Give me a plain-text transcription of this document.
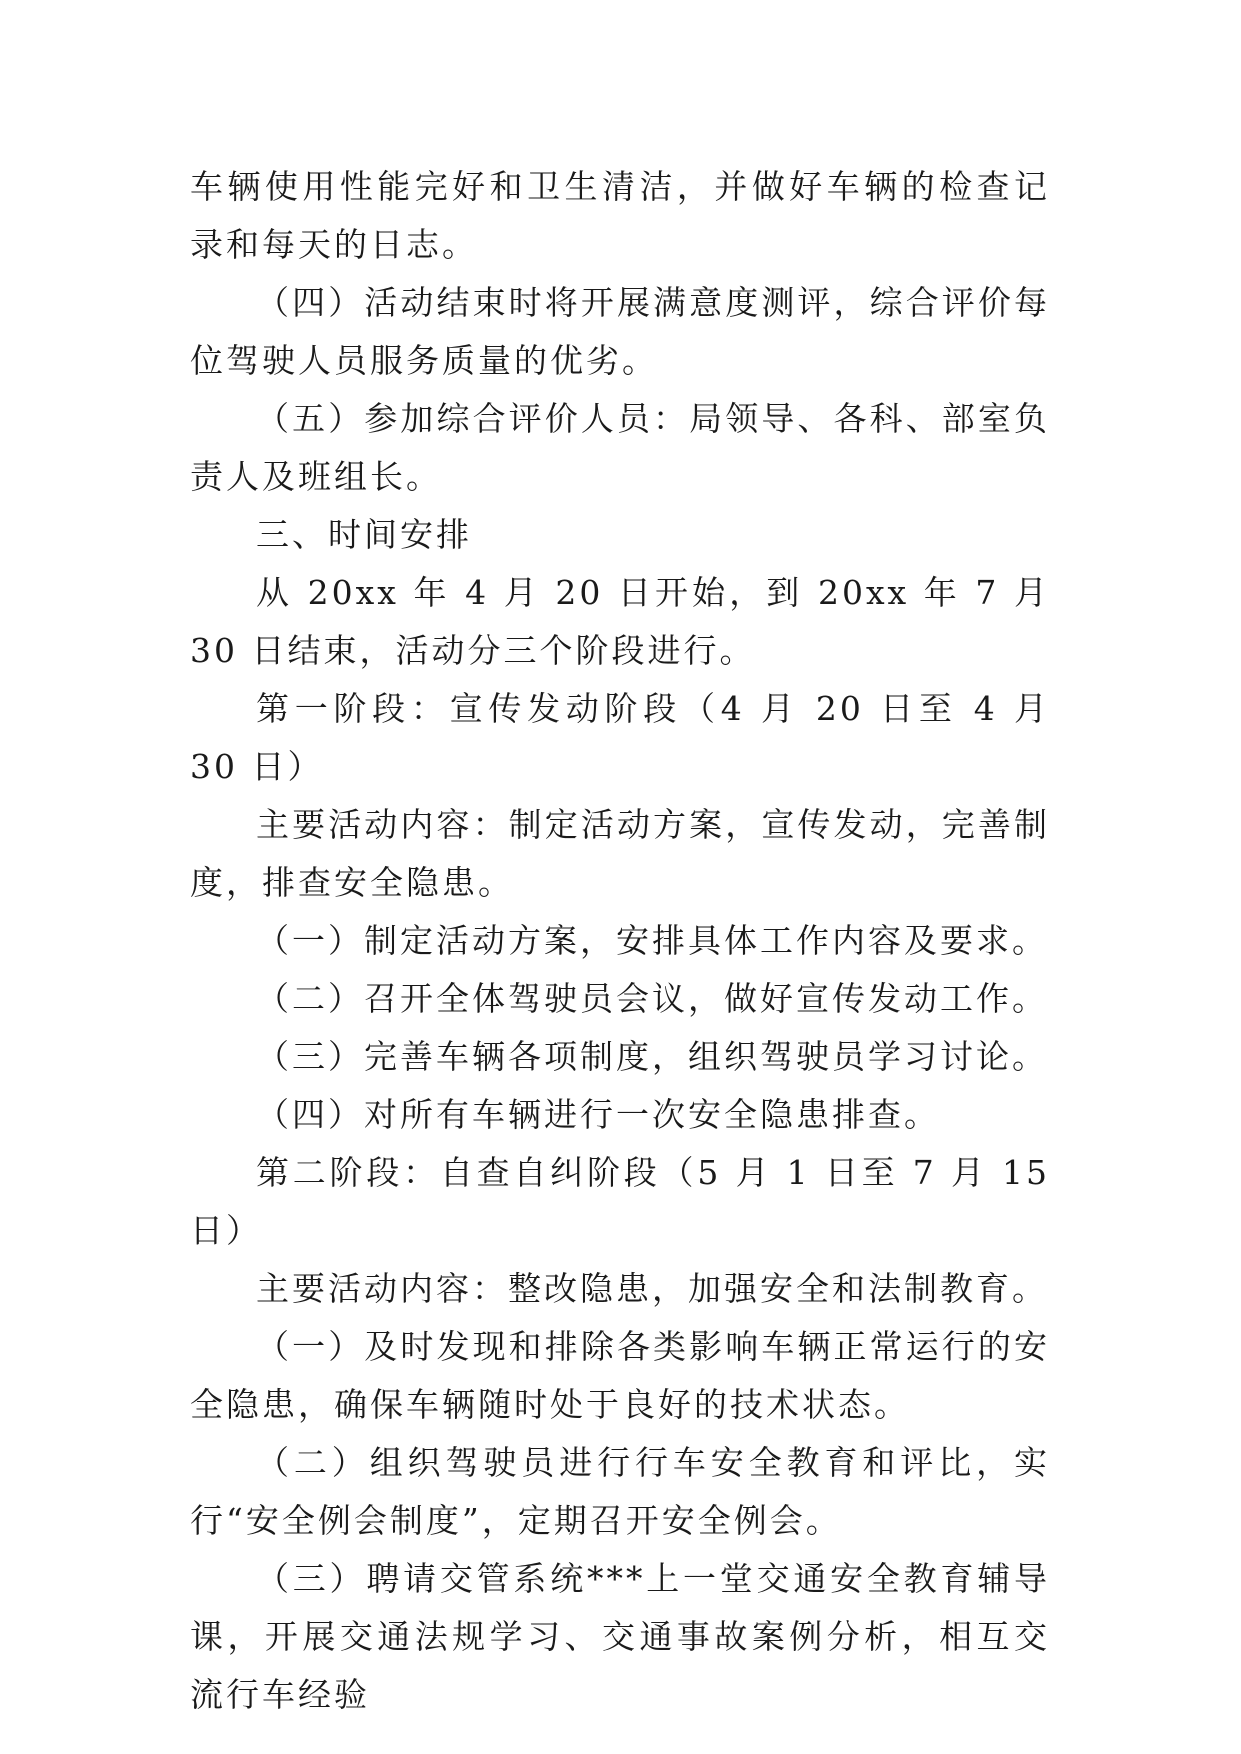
车辆使用性能完好和卫生清洁，并做好车辆的检查记录和每天的日志。

（四）活动结束时将开展满意度测评，综合评价每位驾驶人员服务质量的优劣。

（五）参加综合评价人员：局领导、各科、部室负责人及班组长。

三、时间安排

从 20xx 年 4 月 20 日开始，到 20xx 年 7 月 30 日结束，活动分三个阶段进行。

第一阶段：宣传发动阶段（4 月 20 日至 4 月 30 日）

主要活动内容：制定活动方案，宣传发动，完善制度，排查安全隐患。

（一）制定活动方案，安排具体工作内容及要求。

（二）召开全体驾驶员会议，做好宣传发动工作。

（三）完善车辆各项制度，组织驾驶员学习讨论。

（四）对所有车辆进行一次安全隐患排查。

第二阶段：自查自纠阶段（5 月 1 日至 7 月 15 日）

主要活动内容：整改隐患，加强安全和法制教育。

（一）及时发现和排除各类影响车辆正常运行的安全隐患，确保车辆随时处于良好的技术状态。

（二）组织驾驶员进行行车安全教育和评比，实行“安全例会制度”，定期召开安全例会。

（三）聘请交管系统***上一堂交通安全教育辅导课，开展交通法规学习、交通事故案例分析，相互交流行车经验
